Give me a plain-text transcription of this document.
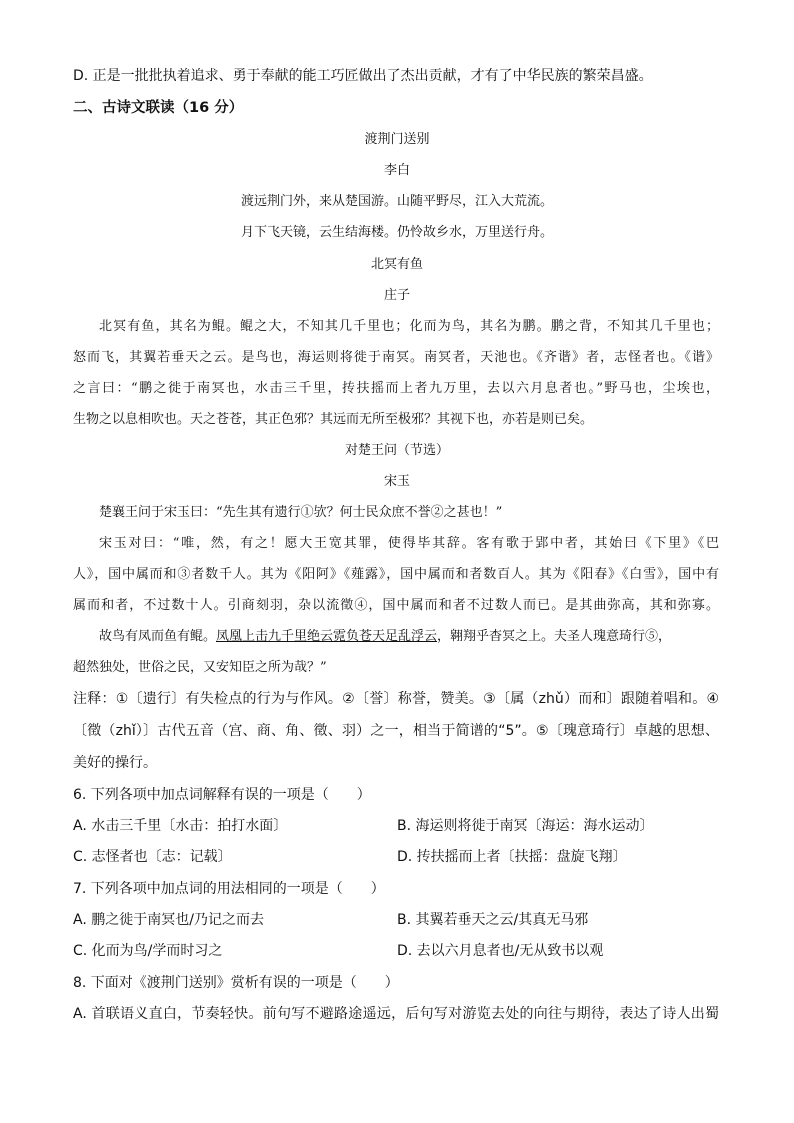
D. 正是一批批执着追求、勇于奉献的能工巧匠做出了杰出贡献，才有了中华民族的繁荣昌盛。
二、古诗文联读（16 分）
渡荆门送别
李白
渡远荆门外，来从楚国游。山随平野尽，江入大荒流。
月下飞天镜，云生结海楼。仍怜故乡水，万里送行舟。
北冥有鱼
庄子
北冥有鱼，其名为鲲。鲲之大，不知其几千里也；化而为鸟，其名为鹏。鹏之背，不知其几千里也；
怒而飞，其翼若垂天之云。是鸟也，海运则将徙于南冥。南冥者，天池也。《齐谐》者，志怪者也。《谐》
之言曰：“鹏之徙于南冥也，水击三千里，抟扶摇而上者九万里，去以六月息者也。”野马也，尘埃也，
生物之以息相吹也。天之苍苍，其正色邪？其远而无所至极邪？其视下也，亦若是则已矣。
对楚王问（节选）
宋玉
楚襄王问于宋玉曰：“先生其有遗行①欤？何士民众庶不誉②之甚也！”
宋玉对曰：“唯，然，有之！愿大王宽其罪，使得毕其辞。客有歌于郢中者，其始曰《下里》《巴
人》，国中属而和③者数千人。其为《阳阿》《薤露》，国中属而和者数百人。其为《阳春》《白雪》，国中有
属而和者，不过数十人。引商刻羽，杂以流徵④，国中属而和者不过数人而已。是其曲弥高，其和弥寡。
故鸟有凤而鱼有鲲。凤凰上击九千里绝云霓负苍天足乱浮云，翱翔乎杳冥之上。夫圣人瑰意琦行⑤，
超然独处，世俗之民，又安知臣之所为哉？”
注释：①〔遗行〕有失检点的行为与作风。②〔誉〕称誉，赞美。③〔属（zhǔ）而和〕跟随着唱和。④
〔徵（zhǐ）〕古代五音（宫、商、角、徵、羽）之一，相当于简谱的“5”。⑤〔瑰意琦行〕卓越的思想、
美好的操行。
6. 下列各项中加点词解释有误的一项是（　　）
A. 水击三千里〔水击：拍打水面〕	B. 海运则将徙于南冥〔海运：海水运动〕
C. 志怪者也〔志：记载〕	D. 抟扶摇而上者〔扶摇：盘旋飞翔〕
7. 下列各项中加点词的用法相同的一项是（　　）
A. 鹏之徙于南冥也/乃记之而去	B. 其翼若垂天之云/其真无马邪
C. 化而为鸟/学而时习之	D. 去以六月息者也/无从致书以观
8. 下面对《渡荆门送别》赏析有误的一项是（　　）
A. 首联语义直白，节奏轻快。前句写不避路途遥远，后句写对游览去处的向往与期待，表达了诗人出蜀
